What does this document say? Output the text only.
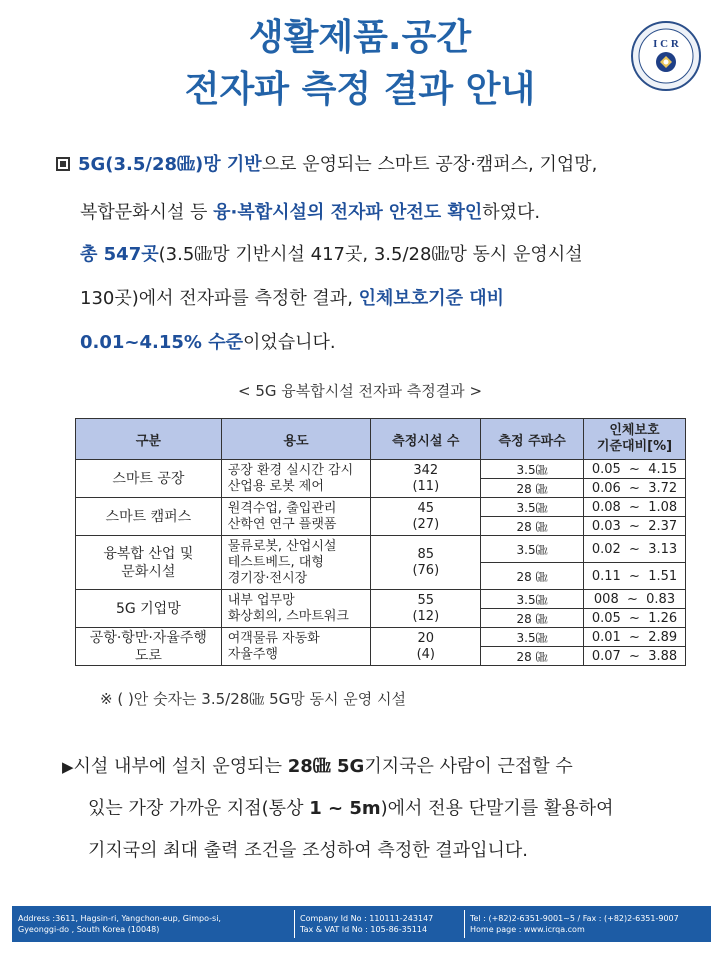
생활제품.공간
전자파 측정 결과 안내
I C R
5G(3.5/28㎓)망 기반으로 운영되는 스마트 공장·캠퍼스, 기업망,
복합문화시설 등 융·복합시설의 전자파 안전도 확인하였다.
총 547곳(3.5㎓망 기반시설 417곳, 3.5/28㎓망 동시 운영시설
130곳)에서 전자파를 측정한 결과, 인체보호기준 대비
0.01~4.15% 수준이었습니다.
< 5G 융복합시설 전자파 측정결과 >
구분	용도	측정시설 수	측정 주파수	인체보호
기준대비[%]
스마트 공장	공장 환경 실시간 감시
산업용 로봇 제어	342
(11)	3.5㎓	0.05  ~  4.15
			28 ㎓	0.06  ~  3.72
스마트 캠퍼스	원격수업, 출입관리
산학연 연구 플랫폼	45
(27)	3.5㎓	0.08  ~  1.08
			28 ㎓	0.03  ~  2.37
융복합 산업 및
문화시설	물류로봇, 산업시설
테스트베드, 대형
경기장·전시장	85
(76)	3.5㎓	0.02  ~  3.13
			28 ㎓	0.11  ~  1.51
5G 기업망	내부 업무망
화상회의, 스마트워크	55
(12)	3.5㎓	008  ~  0.83
			28 ㎓	0.05  ~  1.26
공항·항만·자율주행
도로	여객물류 자동화
자율주행	20
(4)	3.5㎓	0.01  ~  2.89
			28 ㎓	0.07  ~  3.88
※ ( )안 숫자는 3.5/28㎓ 5G망 동시 운영 시설
▶시설 내부에 설치 운영되는 28㎓ 5G기지국은 사람이 근접할 수
있는 가장 가까운 지점(통상 1 ~ 5m)에서 전용 단말기를 활용하여
기지국의 최대 출력 조건을 조성하여 측정한 결과입니다.
Address :3611, Hagsin-ri, Yangchon-eup, Gimpo-si,
Gyeonggi-do , South Korea (10048)
Company Id No : 110111-243147
Tax & VAT Id No : 105-86-35114
Tel : (+82)2-6351-9001~5 / Fax : (+82)2-6351-9007
Home page : www.icrqa.com
